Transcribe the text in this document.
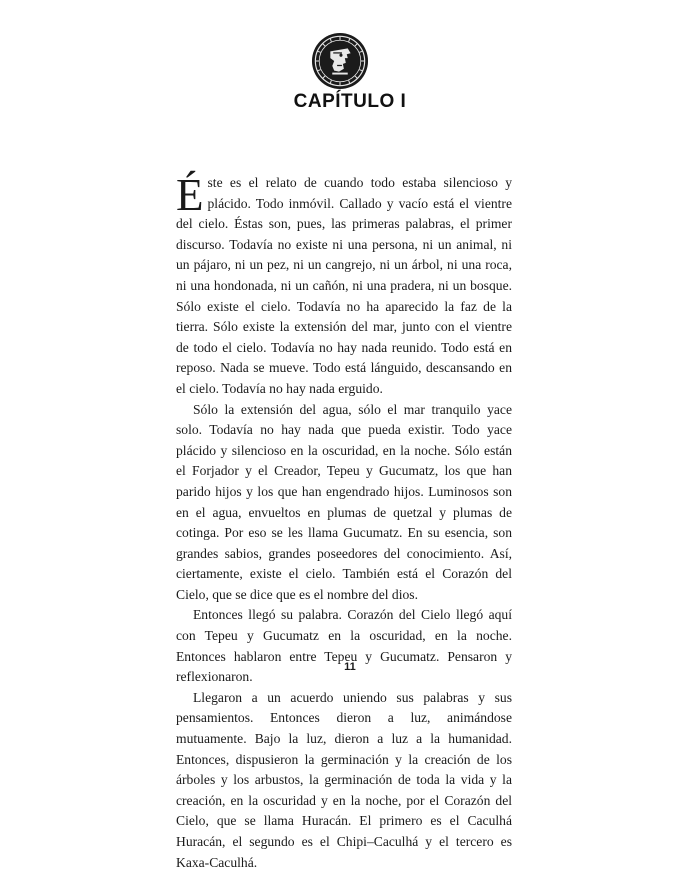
CAPÍTULO I

Éste es el relato de cuando todo estaba silencioso y plácido. Todo inmóvil. Callado y vacío está el vientre del cielo. Éstas son, pues, las primeras palabras, el primer discurso. Todavía no existe ni una persona, ni un animal, ni un pájaro, ni un pez, ni un cangrejo, ni un árbol, ni una roca, ni una hondonada, ni un cañón, ni una pradera, ni un bosque. Sólo existe el cielo. Todavía no ha aparecido la faz de la tierra. Sólo existe la extensión del mar, junto con el vientre de todo el cielo. Todavía no hay nada reunido. Todo está en reposo. Nada se mueve. Todo está lánguido, descansando en el cielo. Todavía no hay nada erguido.

Sólo la extensión del agua, sólo el mar tranquilo yace solo. Todavía no hay nada que pueda existir. Todo yace plácido y silencioso en la oscuridad, en la noche. Sólo están el Forjador y el Creador, Tepeu y Gucumatz, los que han parido hijos y los que han engendrado hijos. Luminosos son en el agua, envueltos en plumas de quetzal y plumas de cotinga. Por eso se les llama Gucumatz. En su esencia, son grandes sabios, grandes poseedores del conocimiento. Así, ciertamente, existe el cielo. También está el Corazón del Cielo, que se dice que es el nombre del dios.

Entonces llegó su palabra. Corazón del Cielo llegó aquí con Tepeu y Gucumatz en la oscuridad, en la noche. Entonces hablaron entre Tepeu y Gucumatz. Pensaron y reflexionaron.

Llegaron a un acuerdo uniendo sus palabras y sus pensamientos. Entonces dieron a luz, animándose mutuamente. Bajo la luz, dieron a luz a la humanidad. Entonces, dispusieron la germinación y la creación de los árboles y los arbustos, la germinación de toda la vida y la creación, en la oscuridad y en la noche, por el Corazón del Cielo, que se llama Huracán. El primero es el Caculhá Huracán, el segundo es el Chipi–Caculhá y el tercero es Kaxa-Caculhá.

11
